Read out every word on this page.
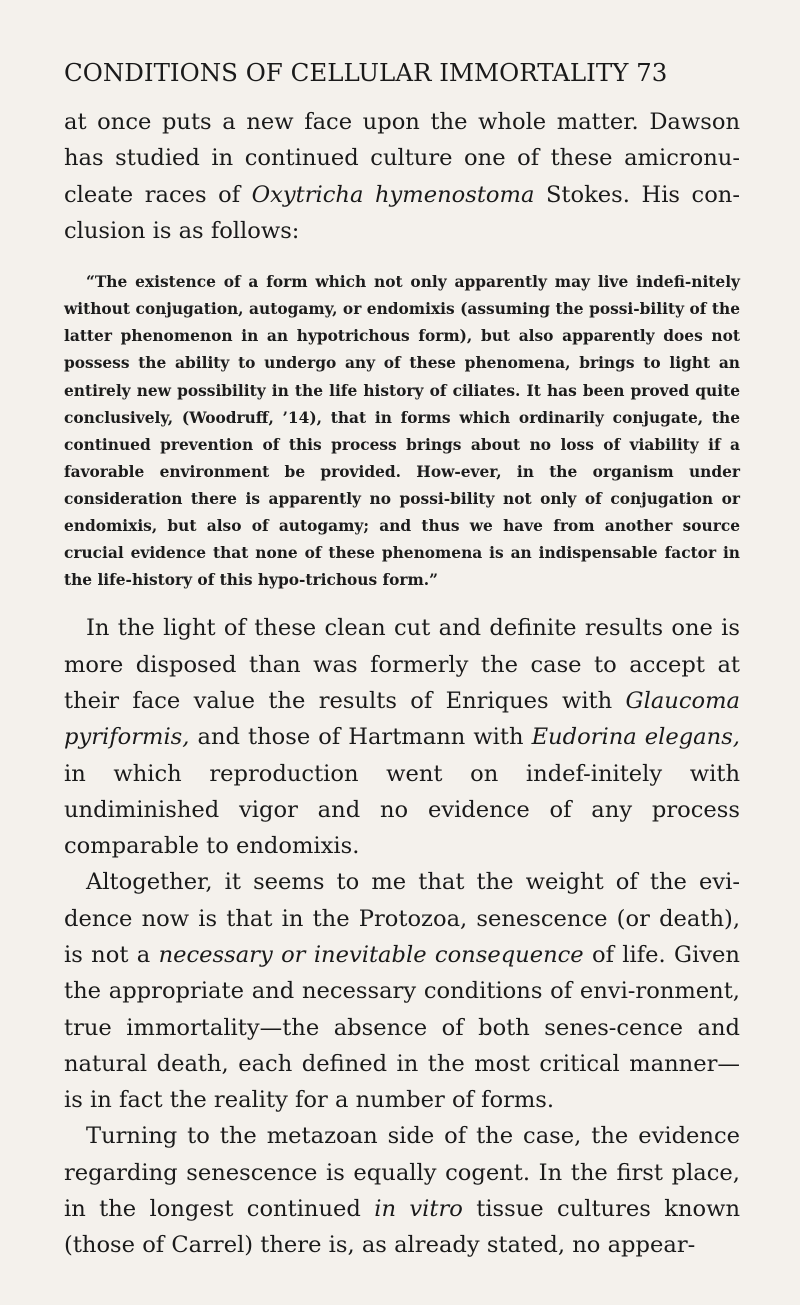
CONDITIONS OF CELLULAR IMMORTALITY 73

at once puts a new face upon the whole matter. Dawson has studied in continued culture one of these amicronu-cleate races of Oxytricha hymenostoma Stokes. His con-clusion is as follows:

“The existence of a form which not only apparently may live indefi-nitely without conjugation, autogamy, or endomixis (assuming the possi-bility of the latter phenomenon in an hypotrichous form), but also apparently does not possess the ability to undergo any of these phenomena, brings to light an entirely new possibility in the life history of ciliates. It has been proved quite conclusively, (Woodruff, ’14), that in forms which ordinarily conjugate, the continued prevention of this process brings about no loss of viability if a favorable environment be provided. How-ever, in the organism under consideration there is apparently no possi-bility not only of conjugation or endomixis, but also of autogamy; and thus we have from another source crucial evidence that none of these phenomena is an indispensable factor in the life-history of this hypo-trichous form.”

In the light of these clean cut and definite results one is more disposed than was formerly the case to accept at their face value the results of Enriques with Glaucoma pyriformis, and those of Hartmann with Eudorina elegans, in which reproduction went on indef-initely with undiminished vigor and no evidence of any process comparable to endomixis.

Altogether, it seems to me that the weight of the evi-dence now is that in the Protozoa, senescence (or death), is not a necessary or inevitable consequence of life. Given the appropriate and necessary conditions of envi-ronment, true immortality—the absence of both senes-cence and natural death, each defined in the most critical manner—is in fact the reality for a number of forms.

Turning to the metazoan side of the case, the evidence regarding senescence is equally cogent. In the first place, in the longest continued in vitro tissue cultures known (those of Carrel) there is, as already stated, no appear-
